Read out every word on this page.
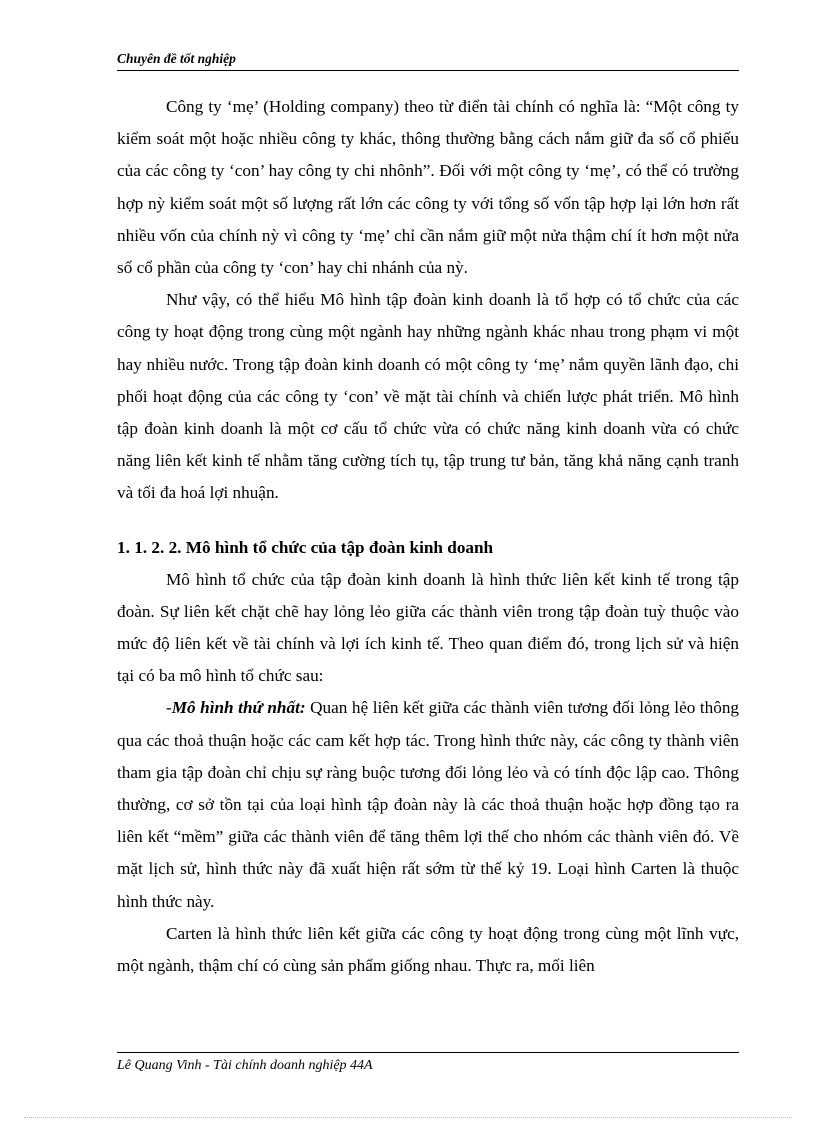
Chuyên đề tốt nghiệp

Công ty ‘mẹ’ (Holding company) theo từ điển tài chính có nghĩa là: “Một công ty kiểm soát một hoặc nhiều công ty khác, thông thường bằng cách nắm giữ đa số cổ phiếu của các công ty ‘con’ hay công ty chi nhônh”. Đối với một công ty ‘mẹ’, có thể có trường hợp nỳ kiểm soát một số lượng rất lớn các công ty với tổng số vốn tập hợp lại lớn hơn rất nhiều vốn của chính nỳ vì công ty ‘mẹ’ chỉ cần nắm giữ một nửa thậm chí ít hơn một nửa số cổ phần của công ty ‘con’ hay chi nhánh của nỳ.

Như vậy, có thể hiểu Mô hình tập đoàn kinh doanh là tổ hợp có tổ chức của các công ty hoạt động trong cùng một ngành hay những ngành khác nhau trong phạm vi một hay nhiều nước. Trong tập đoàn kinh doanh có một công ty ‘mẹ’ nắm quyền lãnh đạo, chi phối hoạt động của các công ty ‘con’ về mặt tài chính và chiến lược phát triển. Mô hình tập đoàn kinh doanh là một cơ cấu tổ chức vừa có chức năng kinh doanh vừa có chức năng liên kết kinh tế nhằm tăng cường tích tụ, tập trung tư bản, tăng khả năng cạnh tranh và tối đa hoá lợi nhuận.

1. 1. 2. 2. Mô hình tổ chức của tập đoàn kinh doanh

Mô hình tổ chức của tập đoàn kinh doanh là hình thức liên kết kinh tế trong tập đoàn. Sự liên kết chặt chẽ hay lỏng lẻo giữa các thành viên trong tập đoàn tuỳ thuộc vào mức độ liên kết về tài chính và lợi ích kinh tế. Theo quan điểm đó, trong lịch sử và hiện tại có ba mô hình tổ chức sau:

-Mô hình thứ nhất: Quan hệ liên kết giữa các thành viên tương đối lỏng lẻo thông qua các thoả thuận hoặc các cam kết hợp tác. Trong hình thức này, các công ty thành viên tham gia tập đoàn chỉ chịu sự ràng buộc tương đối lỏng lẻo và có tính độc lập cao. Thông thường, cơ sở tồn tại của loại hình tập đoàn này là các thoả thuận hoặc hợp đồng tạo ra liên kết “mềm” giữa các thành viên để tăng thêm lợi thế cho nhóm các thành viên đó. Về mặt lịch sử, hình thức này đã xuất hiện rất sớm từ thế kỷ 19. Loại hình Carten là thuộc hình thức này.

Carten là hình thức liên kết giữa các công ty hoạt động trong cùng một lĩnh vực, một ngành, thậm chí có cùng sản phẩm giống nhau. Thực ra, mối liên

Lê Quang Vinh - Tài chính doanh nghiệp 44A
